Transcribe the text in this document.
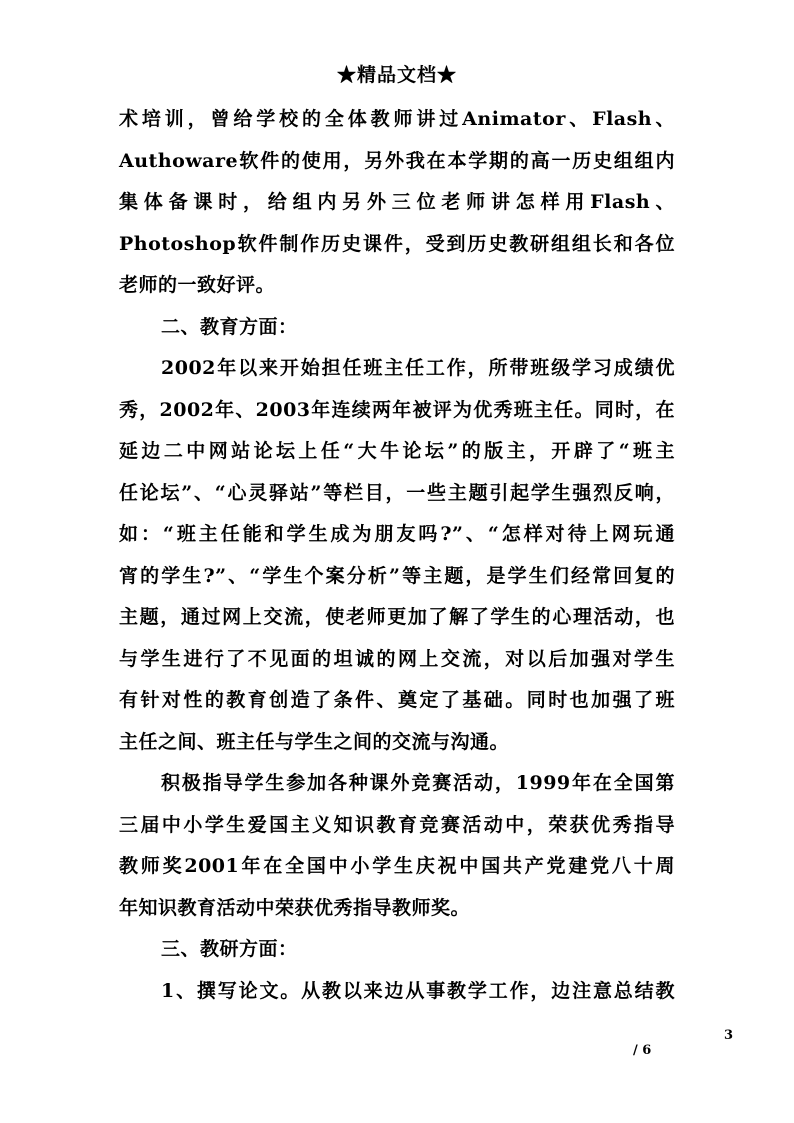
★精品文档★
术培训，曾给学校的全体教师讲过Animator、Flash、
Authoware软件的使用，另外我在本学期的高一历史组组内
集体备课时，给组内另外三位老师讲怎样用Flash、
Photoshop软件制作历史课件，受到历史教研组组长和各位
老师的一致好评。
二、教育方面：
2002年以来开始担任班主任工作，所带班级学习成绩优
秀，2002年、2003年连续两年被评为优秀班主任。同时，在
延边二中网站论坛上任“大牛论坛”的版主，开辟了“班主
任论坛”、“心灵驿站”等栏目，一些主题引起学生强烈反响，
如：“班主任能和学生成为朋友吗?”、“怎样对待上网玩通
宵的学生?”、“学生个案分析”等主题，是学生们经常回复的
主题，通过网上交流，使老师更加了解了学生的心理活动，也
与学生进行了不见面的坦诚的网上交流，对以后加强对学生
有针对性的教育创造了条件、奠定了基础。同时也加强了班
主任之间、班主任与学生之间的交流与沟通。
积极指导学生参加各种课外竞赛活动，1999年在全国第
三届中小学生爱国主义知识教育竞赛活动中，荣获优秀指导
教师奖2001年在全国中小学生庆祝中国共产党建党八十周
年知识教育活动中荣获优秀指导教师奖。
三、教研方面：
1、撰写论文。从教以来边从事教学工作，边注意总结教
3
/ 6
